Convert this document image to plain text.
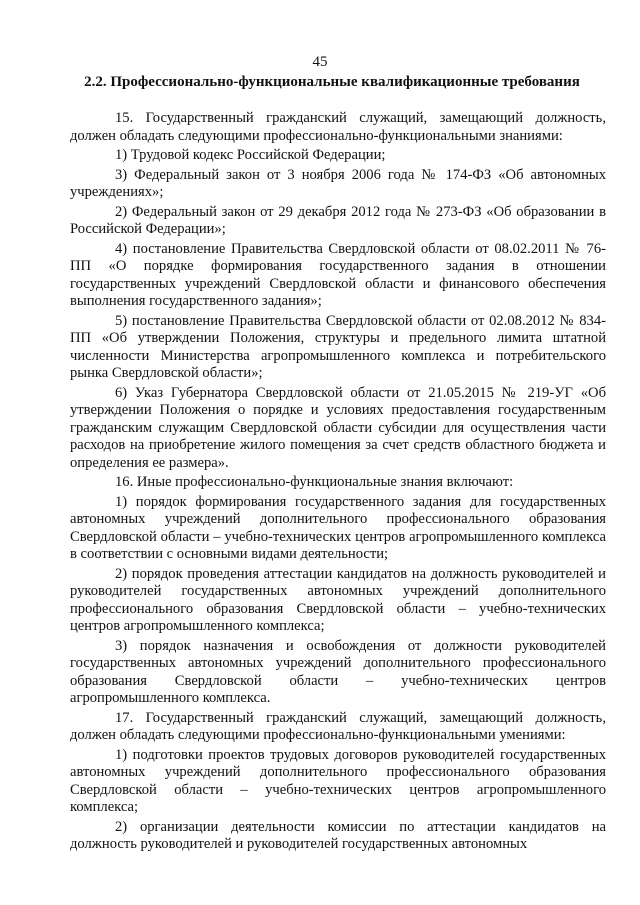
45
2.2. Профессионально-функциональные квалификационные требования

15. Государственный гражданский служащий, замещающий должность, должен обладать следующими профессионально-функциональными знаниями:

1) Трудовой кодекс Российской Федерации;

3) Федеральный закон от 3 ноября 2006 года № 174-ФЗ «Об автономных учреждениях»;

2) Федеральный закон от 29 декабря 2012 года № 273-ФЗ «Об образовании в Российской Федерации»;

4) постановление Правительства Свердловской области от 08.02.2011 № 76-ПП «О порядке формирования государственного задания в отношении государственных учреждений Свердловской области и финансового обеспечения выполнения государственного задания»;

5) постановление Правительства Свердловской области от 02.08.2012 № 834-ПП «Об утверждении Положения, структуры и предельного лимита штатной численности Министерства агропромышленного комплекса и потребительского рынка Свердловской области»;

6) Указ Губернатора Свердловской области от 21.05.2015 № 219-УГ «Об утверждении Положения о порядке и условиях предоставления государственным гражданским служащим Свердловской области субсидии для осуществления части расходов на приобретение жилого помещения за счет средств областного бюджета и определения ее размера».

16. Иные профессионально-функциональные знания включают:

1) порядок формирования государственного задания для государственных автономных учреждений дополнительного профессионального образования Свердловской области – учебно-технических центров агропромышленного комплекса в соответствии с основными видами деятельности;

2) порядок проведения аттестации кандидатов на должность руководителей и руководителей государственных автономных учреждений дополнительного профессионального образования Свердловской области – учебно-технических центров агропромышленного комплекса;

3) порядок назначения и освобождения от должности руководителей государственных автономных учреждений дополнительного профессионального образования Свердловской области – учебно-технических центров агропромышленного комплекса.

17. Государственный гражданский служащий, замещающий должность, должен обладать следующими профессионально-функциональными умениями:

1) подготовки проектов трудовых договоров руководителей государственных автономных учреждений дополнительного профессионального образования Свердловской области – учебно-технических центров агропромышленного комплекса;

2) организации деятельности комиссии по аттестации кандидатов на должность руководителей и руководителей государственных автономных
